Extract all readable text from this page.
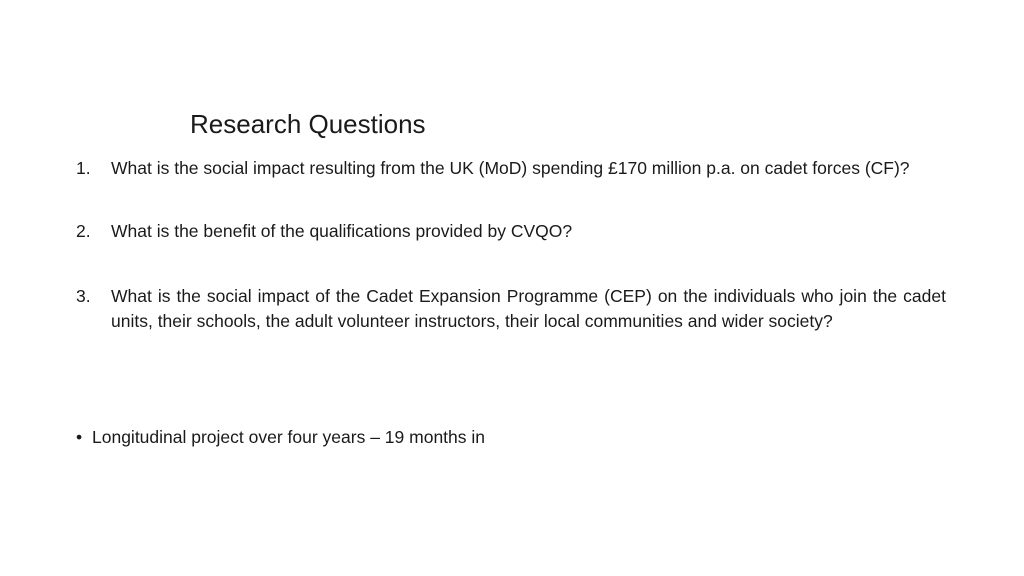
Research Questions
1.	What is the social impact resulting from the UK (MoD) spending £170 million p.a. on cadet forces (CF)?
2.	What is the benefit of the qualifications provided by CVQO?
3.	What is the social impact of the Cadet Expansion Programme (CEP) on the individuals who join the cadet units, their schools, the adult volunteer instructors, their local communities and wider society?
• Longitudinal project over four years – 19 months in
